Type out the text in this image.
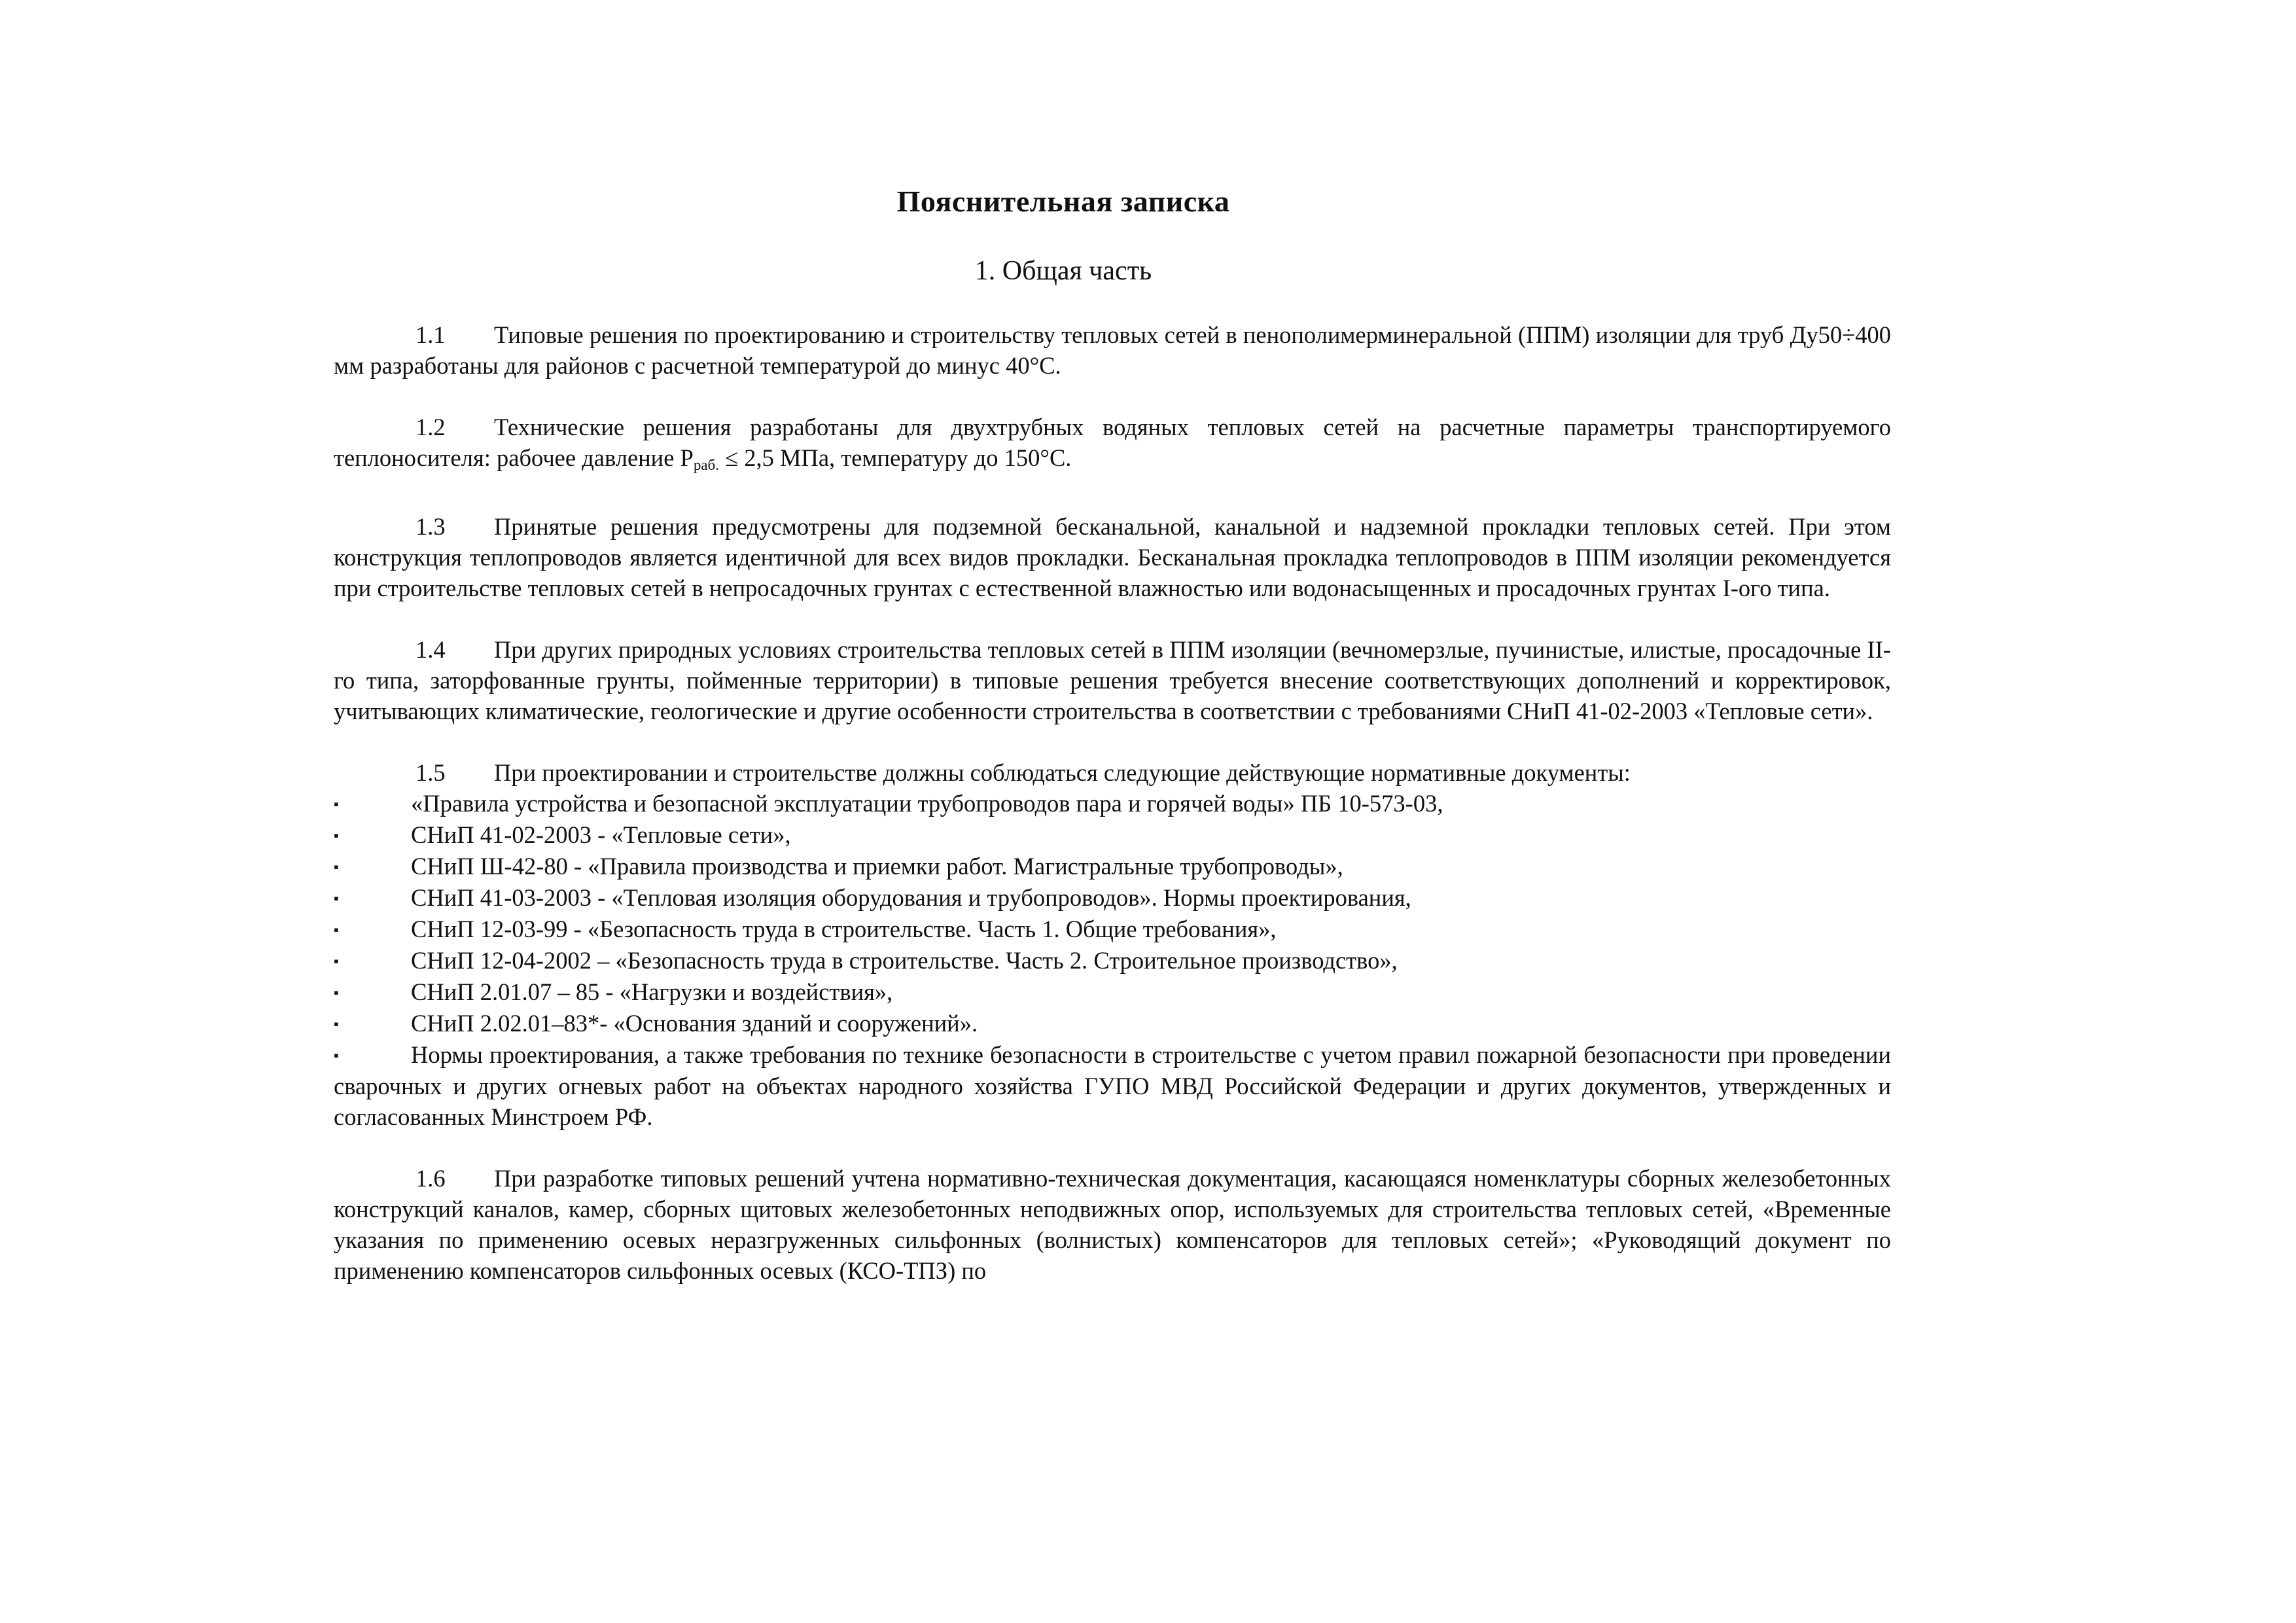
Пояснительная записка
1. Общая часть

1.1 Типовые решения по проектированию и строительству тепловых сетей в пенополимерминеральной (ППМ) изоляции для труб Ду50÷400 мм разработаны для районов с расчетной температурой до минус 40°С.

1.2 Технические решения разработаны для двухтрубных водяных тепловых сетей на расчетные параметры транспортируемого теплоносителя: рабочее давление $Р_{раб.} \le 2,5$ МПа, температуру до 150°С.

1.3 Принятые решения предусмотрены для подземной бесканальной, канальной и надземной прокладки тепловых сетей. При этом конструкция теплопроводов является идентичной для всех видов прокладки. Бесканальная прокладка теплопроводов в ППМ изоляции рекомендуется при строительстве тепловых сетей в непросадочных грунтах с естественной влажностью или водонасыщенных и просадочных грунтах I-ого типа.

1.4 При других природных условиях строительства тепловых сетей в ППМ изоляции (вечномерзлые, пучинистые, илистые, просадочные II-го типа, заторфованные грунты, пойменные территории) в типовые решения требуется внесение соответствующих дополнений и корректировок, учитывающих климатические, геологические и другие особенности строительства в соответствии с требованиями СНиП 41-02-2003 «Тепловые сети».

1.5 При проектировании и строительстве должны соблюдаться следующие действующие нормативные документы:

▪	«Правила устройства и безопасной эксплуатации трубопроводов пара и горячей воды» ПБ 10-573-03,
▪	СНиП 41-02-2003 - «Тепловые сети»,
▪	СНиП Ш-42-80 - «Правила производства и приемки работ. Магистральные трубопроводы»,
▪	СНиП 41-03-2003 - «Тепловая изоляция оборудования и трубопроводов». Нормы проектирования,
▪	СНиП 12-03-99 - «Безопасность труда в строительстве. Часть 1. Общие требования»,
▪	СНиП 12-04-2002 – «Безопасность труда в строительстве. Часть 2. Строительное производство»,
▪	СНиП 2.01.07 – 85 - «Нагрузки и воздействия»,
▪	СНиП 2.02.01–83*- «Основания зданий и сооружений».
▪	Нормы проектирования, а также требования по технике безопасности в строительстве с учетом правил пожарной безопасности при проведении сварочных и других огневых работ на объектах народного хозяйства ГУПО МВД Российской Федерации и других документов, утвержденных и согласованных Минстроем РФ.

1.6 При разработке типовых решений учтена нормативно-техническая документация, касающаяся номенклатуры сборных железобетонных конструкций каналов, камер, сборных щитовых железобетонных неподвижных опор, используемых для строительства тепловых сетей, «Временные указания по применению осевых неразгруженных сильфонных (волнистых) компенсаторов для тепловых сетей»; «Руководящий документ по применению компенсаторов сильфонных осевых (КСО-ТПЗ) по
